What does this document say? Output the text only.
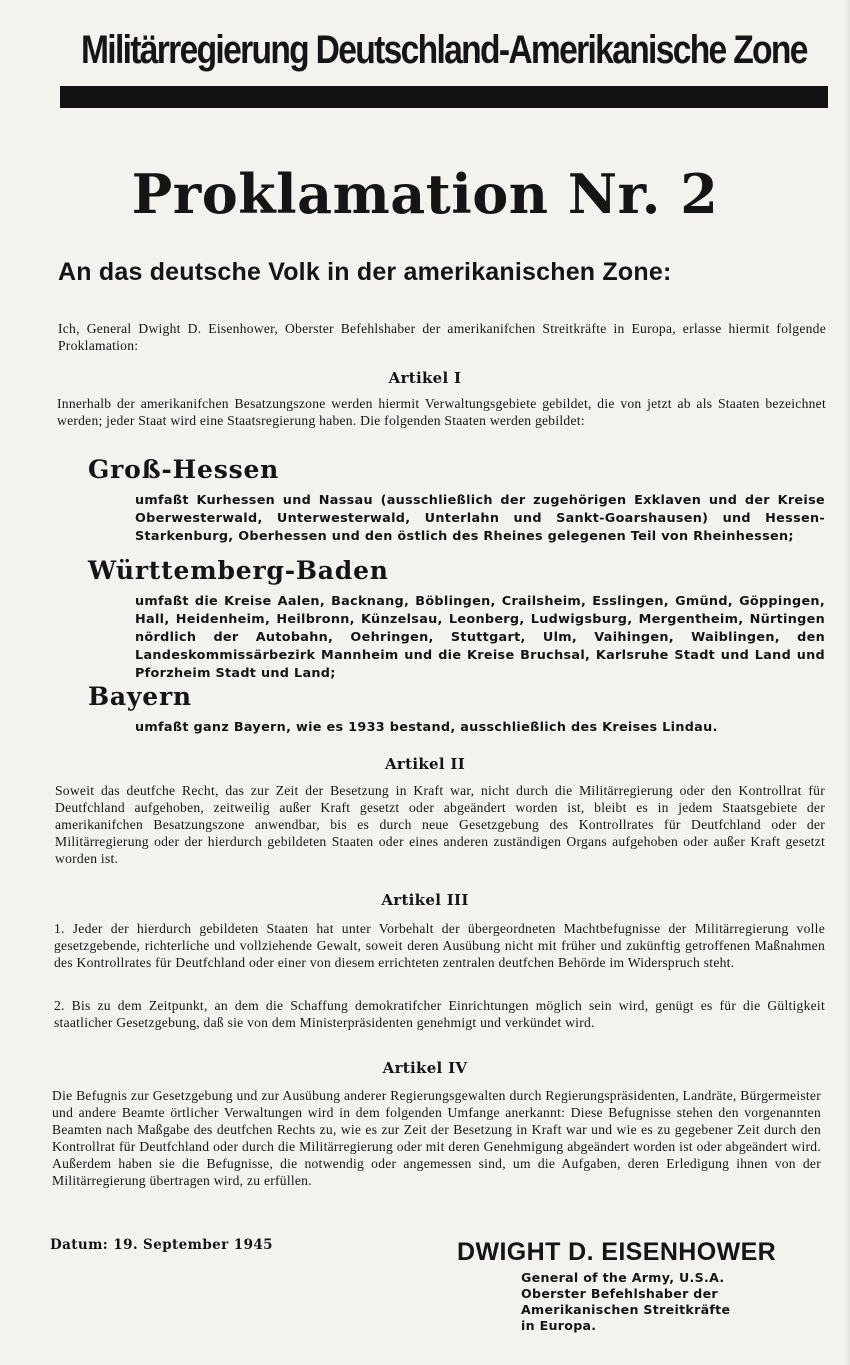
Militärregierung Deutschland-Amerikanische Zone
Proklamation Nr. 2
An das deutsche Volk in der amerikanischen Zone:
Ich, General Dwight D. Eisenhower, Oberster Befehlshaber der amerikanifchen Streitkräfte in Europa, erlasse hiermit folgende Proklamation:
Artikel I
Innerhalb der amerikanifchen Besatzungszone werden hiermit Verwaltungsgebiete gebildet, die von jetzt ab als Staaten bezeichnet werden; jeder Staat wird eine Staatsregierung haben. Die folgenden Staaten werden gebildet:
Groß-Hessen
umfaßt Kurhessen und Nassau (ausschließlich der zugehörigen Exklaven und der Kreise Oberwesterwald, Unterwesterwald, Unterlahn und Sankt-Goarshausen) und Hessen-Starkenburg, Oberhessen und den östlich des Rheines gelegenen Teil von Rheinhessen;
Württemberg-Baden
umfaßt die Kreise Aalen, Backnang, Böblingen, Crailsheim, Esslingen, Gmünd, Göppingen, Hall, Heidenheim, Heilbronn, Künzelsau, Leonberg, Ludwigsburg, Mergentheim, Nürtingen nördlich der Autobahn, Oehringen, Stuttgart, Ulm, Vaihingen, Waiblingen, den Landeskommissärbezirk Mannheim und die Kreise Bruchsal, Karlsruhe Stadt und Land und Pforzheim Stadt und Land;
Bayern
umfaßt ganz Bayern, wie es 1933 bestand, ausschließlich des Kreises Lindau.
Artikel II
Soweit das deutfche Recht, das zur Zeit der Besetzung in Kraft war, nicht durch die Militärregierung oder den Kontrollrat für Deutfchland aufgehoben, zeitweilig außer Kraft gesetzt oder abgeändert worden ist, bleibt es in jedem Staatsgebiete der amerikanifchen Besatzungszone anwendbar, bis es durch neue Gesetzgebung des Kontrollrates für Deutfchland oder der Militärregierung oder der hierdurch gebildeten Staaten oder eines anderen zuständigen Organs aufgehoben oder außer Kraft gesetzt worden ist.
Artikel III
1. Jeder der hierdurch gebildeten Staaten hat unter Vorbehalt der übergeordneten Machtbefugnisse der Militärregierung volle gesetzgebende, richterliche und vollziehende Gewalt, soweit deren Ausübung nicht mit früher und zukünftig getroffenen Maßnahmen des Kontrollrates für Deutfchland oder einer von diesem errichteten zentralen deutfchen Behörde im Widerspruch steht.
2. Bis zu dem Zeitpunkt, an dem die Schaffung demokratifcher Einrichtungen möglich sein wird, genügt es für die Gültigkeit staatlicher Gesetzgebung, daß sie von dem Ministerpräsidenten genehmigt und verkündet wird.
Artikel IV
Die Befugnis zur Gesetzgebung und zur Ausübung anderer Regierungsgewalten durch Regierungspräsidenten, Landräte, Bürgermeister und andere Beamte örtlicher Verwaltungen wird in dem folgenden Umfange anerkannt: Diese Befugnisse stehen den vorgenannten Beamten nach Maßgabe des deutfchen Rechts zu, wie es zur Zeit der Besetzung in Kraft war und wie es zu gegebener Zeit durch den Kontrollrat für Deutfchland oder durch die Militärregierung oder mit deren Genehmigung abgeändert worden ist oder abgeändert wird. Außerdem haben sie die Befugnisse, die notwendig oder angemessen sind, um die Aufgaben, deren Erledigung ihnen von der Militärregierung übertragen wird, zu erfüllen.
Datum: 19. September 1945	DWIGHT D. EISENHOWER
General of the Army, U.S.A.
Oberster Befehlshaber der
Amerikanischen Streitkräfte
in Europa.
